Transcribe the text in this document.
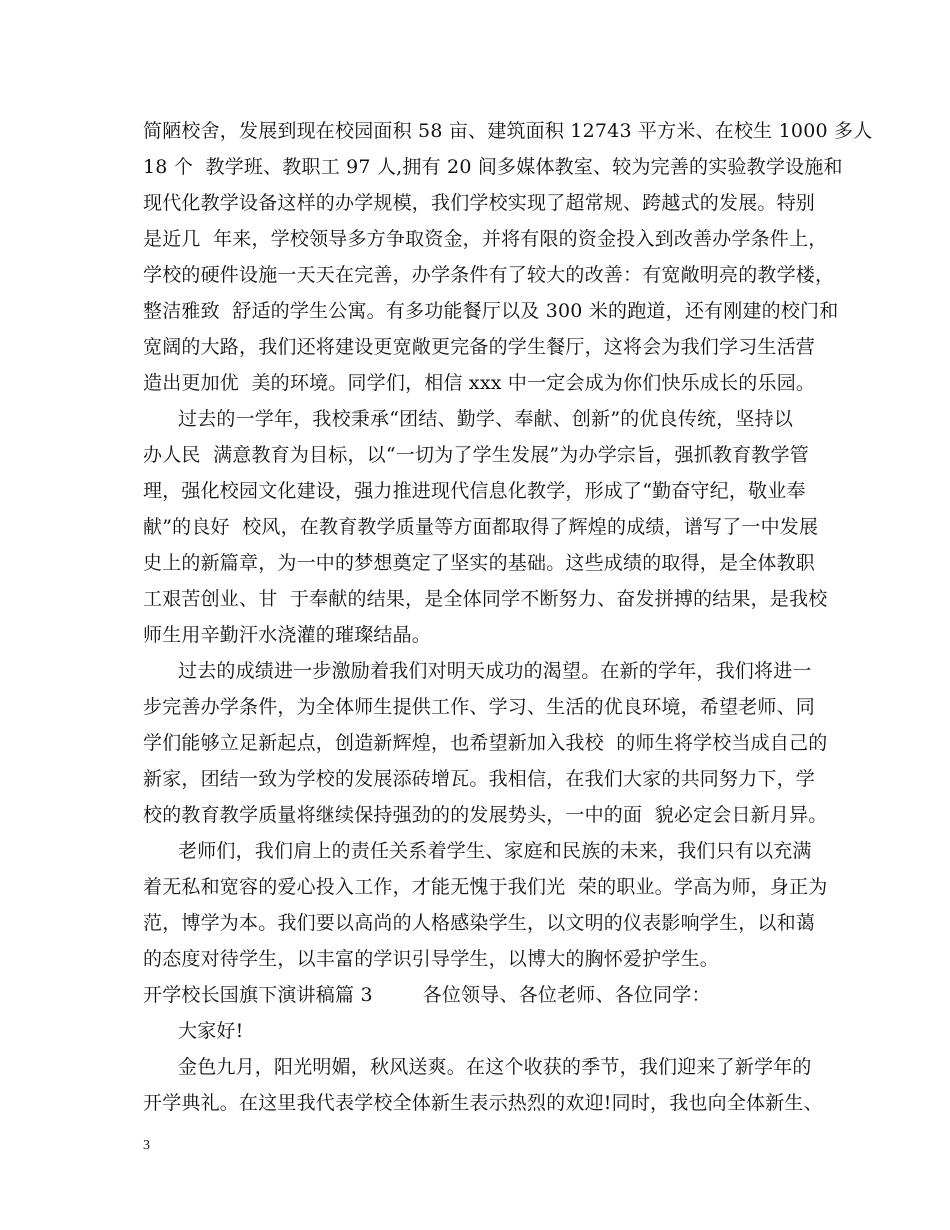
简陋校舍，发展到现在校园面积 58 亩、建筑面积 12743 平方米、在校生 1000 多人
18 个  教学班、教职工 97 人,拥有 20 间多媒体教室、较为完善的实验教学设施和
现代化教学设备这样的办学规模，我们学校实现了超常规、跨越式的发展。特别
是近几  年来，学校领导多方争取资金，并将有限的资金投入到改善办学条件上，
学校的硬件设施一天天在完善，办学条件有了较大的改善：有宽敞明亮的教学楼，
整洁雅致  舒适的学生公寓。有多功能餐厅以及 300 米的跑道，还有刚建的校门和
宽阔的大路，我们还将建设更宽敞更完备的学生餐厅，这将会为我们学习生活营
造出更加优  美的环境。同学们，相信 xxx 中一定会成为你们快乐成长的乐园。
过去的一学年，我校秉承“团结、勤学、奉献、创新”的优良传统，坚持以
办人民  满意教育为目标，以“一切为了学生发展”为办学宗旨，强抓教育教学管
理，强化校园文化建设，强力推进现代信息化教学，形成了“勤奋守纪，敬业奉
献”的良好  校风，在教育教学质量等方面都取得了辉煌的成绩，谱写了一中发展
史上的新篇章，为一中的梦想奠定了坚实的基础。这些成绩的取得，是全体教职
工艰苦创业、甘  于奉献的结果，是全体同学不断努力、奋发拼搏的结果，是我校
师生用辛勤汗水浇灌的璀璨结晶。
过去的成绩进一步激励着我们对明天成功的渴望。在新的学年，我们将进一
步完善办学条件，为全体师生提供工作、学习、生活的优良环境，希望老师、同
学们能够立足新起点，创造新辉煌，也希望新加入我校  的师生将学校当成自己的
新家，团结一致为学校的发展添砖增瓦。我相信，在我们大家的共同努力下，学
校的教育教学质量将继续保持强劲的的发展势头，一中的面  貌必定会日新月异。
老师们，我们肩上的责任关系着学生、家庭和民族的未来，我们只有以充满
着无私和宽容的爱心投入工作，才能无愧于我们光  荣的职业。学高为师，身正为
范，博学为本。我们要以高尚的人格感染学生，以文明的仪表影响学生，以和蔼
的态度对待学生，以丰富的学识引导学生，以博大的胸怀爱护学生。
开学校长国旗下演讲稿篇 3        各位领导、各位老师、各位同学：
大家好!
金色九月，阳光明媚，秋风送爽。在这个收获的季节，我们迎来了新学年的
开学典礼。在这里我代表学校全体新生表示热烈的欢迎!同时，我也向全体新生、
3
